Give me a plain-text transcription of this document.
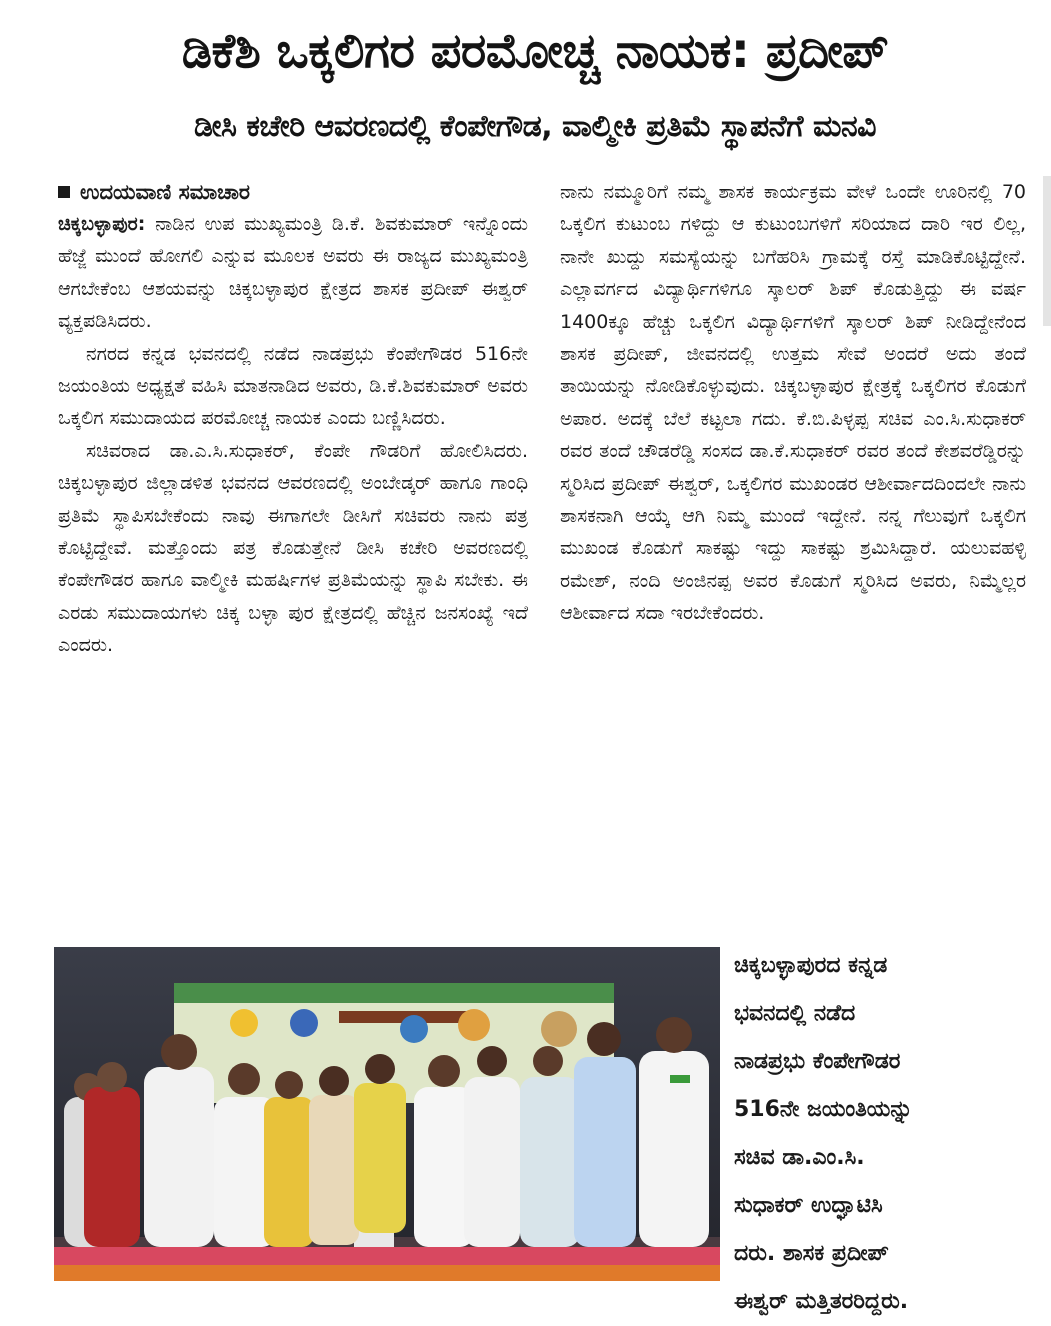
ಡಿಕೆಶಿ ಒಕ್ಕಲಿಗರ ಪರಮೋಚ್ಚ ನಾಯಕ: ಪ್ರದೀಪ್
ಡೀಸಿ ಕಚೇರಿ ಆವರಣದಲ್ಲಿ ಕೆಂಪೇಗೌಡ, ವಾಲ್ಮೀಕಿ ಪ್ರತಿಮೆ ಸ್ಥಾಪನೆಗೆ ಮನವಿ
ಉದಯವಾಣಿ ಸಮಾಚಾರ

ಚಿಕ್ಕಬಳ್ಳಾಪುರ: ನಾಡಿನ ಉಪ ಮುಖ್ಯಮಂತ್ರಿ ಡಿ.ಕೆ. ಶಿವಕುಮಾರ್ ಇನ್ನೊಂದು ಹೆಜ್ಜೆ ಮುಂದೆ ಹೋಗಲಿ ಎನ್ನುವ ಮೂಲಕ ಅವರು ಈ ರಾಜ್ಯದ ಮುಖ್ಯಮಂತ್ರಿ ಆಗಬೇಕೆಂಬ ಆಶಯವನ್ನು ಚಿಕ್ಕಬಳ್ಳಾಪುರ ಕ್ಷೇತ್ರದ ಶಾಸಕ ಪ್ರದೀಪ್ ಈಶ್ವರ್ ವ್ಯಕ್ತಪಡಿಸಿದರು.

ನಗರದ ಕನ್ನಡ ಭವನದಲ್ಲಿ ನಡೆದ ನಾಡಪ್ರಭು ಕೆಂಪೇಗೌಡರ 516ನೇ ಜಯಂತಿಯ ಅಧ್ಯಕ್ಷತೆ ವಹಿಸಿ ಮಾತನಾಡಿದ ಅವರು, ಡಿ.ಕೆ.ಶಿವಕುಮಾರ್ ಅವರು ಒಕ್ಕಲಿಗ ಸಮುದಾಯದ ಪರಮೋಚ್ಚ ನಾಯಕ ಎಂದು ಬಣ್ಣಿಸಿದರು.

ಸಚಿವರಾದ ಡಾ.ಎ.ಸಿ.ಸುಧಾಕರ್, ಕೆಂಪೇ ಗೌಡರಿಗೆ ಹೋಲಿಸಿದರು. ಚಿಕ್ಕಬಳ್ಳಾಪುರ ಜಿಲ್ಲಾಡಳಿತ ಭವನದ ಆವರಣದಲ್ಲಿ ಅಂಬೇಡ್ಕರ್ ಹಾಗೂ ಗಾಂಧಿ ಪ್ರತಿಮೆ ಸ್ಥಾಪಿಸಬೇಕೆಂದು ನಾವು ಈಗಾಗಲೇ ಡೀಸಿಗೆ ಸಚಿವರು ನಾನು ಪತ್ರ ಕೊಟ್ಟಿದ್ದೇವೆ. ಮತ್ತೊಂದು ಪತ್ರ ಕೊಡುತ್ತೇನೆ ಡೀಸಿ ಕಚೇರಿ ಅವರಣದಲ್ಲಿ ಕೆಂಪೇಗೌಡರ ಹಾಗೂ ವಾಲ್ಮೀಕಿ ಮಹರ್ಷಿಗಳ ಪ್ರತಿಮೆಯನ್ನು ಸ್ಥಾಪಿ ಸಬೇಕು. ಈ ಎರಡು ಸಮುದಾಯಗಳು ಚಿಕ್ಕ ಬಳ್ಳಾ ಪುರ ಕ್ಷೇತ್ರದಲ್ಲಿ ಹೆಚ್ಚಿನ ಜನಸಂಖ್ಯೆ ಇದೆ ಎಂದರು.

ನಾನು ನಮ್ಮೂರಿಗೆ ನಮ್ಮ ಶಾಸಕ ಕಾರ್ಯಕ್ರಮ ವೇಳೆ ಒಂದೇ ಊರಿನಲ್ಲಿ 70 ಒಕ್ಕಲಿಗ ಕುಟುಂಬ ಗಳಿದ್ದು ಆ ಕುಟುಂಬಗಳಿಗೆ ಸರಿಯಾದ ದಾರಿ ಇರ ಲಿಲ್ಲ, ನಾನೇ ಖುದ್ದು ಸಮಸ್ಯೆಯನ್ನು ಬಗೆಹರಿಸಿ ಗ್ರಾಮಕ್ಕೆ ರಸ್ತೆ ಮಾಡಿಕೊಟ್ಟಿದ್ದೇನೆ. ಎಲ್ಲಾವರ್ಗದ ವಿದ್ಯಾರ್ಥಿಗಳಿಗೂ ಸ್ಕಾಲರ್ ಶಿಪ್ ಕೊಡುತ್ತಿದ್ದು ಈ ವರ್ಷ 1400ಕ್ಕೂ ಹೆಚ್ಚು ಒಕ್ಕಲಿಗ ವಿದ್ಯಾರ್ಥಿಗಳಿಗೆ ಸ್ಕಾಲರ್ ಶಿಪ್ ನೀಡಿದ್ದೇನೆಂದ ಶಾಸಕ ಪ್ರದೀಪ್, ಜೀವನದಲ್ಲಿ ಉತ್ತಮ ಸೇವೆ ಅಂದರೆ ಅದು ತಂದೆ ತಾಯಿಯನ್ನು ನೋಡಿಕೊಳ್ಳುವುದು. ಚಿಕ್ಕಬಳ್ಳಾಪುರ ಕ್ಷೇತ್ರಕ್ಕೆ ಒಕ್ಕಲಿಗರ ಕೊಡುಗೆ ಅಪಾರ. ಅದಕ್ಕೆ ಬೆಲೆ ಕಟ್ಟಲಾ ಗದು. ಕೆ.ಬಿ.ಪಿಳ್ಳಪ್ಪ ಸಚಿವ ಎಂ.ಸಿ.ಸುಧಾಕರ್ ರವರ ತಂದೆ ಚೌಡರೆಡ್ಡಿ ಸಂಸದ ಡಾ.ಕೆ.ಸುಧಾಕರ್ ರವರ ತಂದೆ ಕೇಶವರೆಡ್ಡಿರನ್ನು ಸ್ಮರಿಸಿದ ಪ್ರದೀಪ್ ಈಶ್ವರ್, ಒಕ್ಕಲಿಗರ ಮುಖಂಡರ ಆಶೀರ್ವಾದದಿಂದಲೇ ನಾನು ಶಾಸಕನಾಗಿ ಆಯ್ಕೆ ಆಗಿ ನಿಮ್ಮ ಮುಂದೆ ಇದ್ದೇನೆ. ನನ್ನ ಗೆಲುವುಗೆ ಒಕ್ಕಲಿಗ ಮುಖಂಡ ಕೊಡುಗೆ ಸಾಕಷ್ಟು ಇದ್ದು ಸಾಕಷ್ಟು ಶ್ರಮಿಸಿದ್ದಾರೆ. ಯಲುವಹಳ್ಳಿ ರಮೇಶ್, ನಂದಿ ಅಂಜಿನಪ್ಪ ಅವರ ಕೊಡುಗೆ ಸ್ಮರಿಸಿದ ಅವರು, ನಿಮ್ಮೆಲ್ಲರ ಆಶೀರ್ವಾದ ಸದಾ ಇರಬೇಕೆಂದರು.

ಚಿಕ್ಕಬಳ್ಳಾಪುರದ ಕನ್ನಡ
ಭವನದಲ್ಲಿ ನಡೆದ
ನಾಡಪ್ರಭು ಕೆಂಪೇಗೌಡರ
516ನೇ ಜಯಂತಿಯನ್ನು
ಸಚಿವ ಡಾ.ಎಂ.ಸಿ.
ಸುಧಾಕರ್ ಉದ್ಘಾಟಿಸಿ
ದರು. ಶಾಸಕ ಪ್ರದೀಪ್
ಈಶ್ವರ್ ಮತ್ತಿತರರಿದ್ದರು.
